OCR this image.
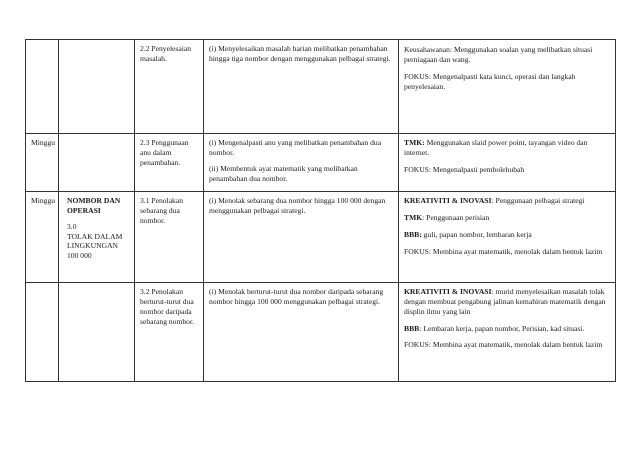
		2.2 Penyelesaian masalah.	(i) Menyelesaikan masalah harian melibatkan penambahan hingga tiga nombor dengan menggunakan pelbagai strategi.	Keusahawanan: Menggunakan soalan yang melibatkan situasi perniagaan dan wang.
FOKUS: Mengenalpasti kata kunci, operasi dan langkah penyelesaian.

Minggu		2.3 Penggunaan anu dalam penambahan.	(i) Mengenalpasti anu yang melibatkan penambahan dua nombor.
(ii) Membentuk ayat matematik yang melibatkan penambahan dua nombor.	TMK: Menggunakan slaid power point, tayangan video dan internet.
FOKUS: Mengenalpasti pembolehubah

Minggu	NOMBOR DAN OPERASI
3.0
TOLAK DALAM LINGKUNGAN 100 000	3.1 Penolakan sebarang dua nombor.	(i) Menolak sebarang dua nombor hingga 100 000 dengan menggunakan pelbagai strategi.	KREATIVITI & INOVASI: Penggunaan pelbagai strategi
TMK: Penggunaan perisian
BBB: guli, papan nombor, lembaran kerja
FOKUS: Membina ayat matematik, menolak dalam bentuk lazim

		3.2 Penolakan berturut-turut dua nombor daripada sebarang nombor.	(i) Menolak berturut-turut dua nombor daripada sebarang nombor hingga 100 000 menggunakan pelbagai strategi.	KREATIVITI & INOVASI: murid menyelesaikan masalah tolak dengan membuat pengabung jalinan kemahiran matematik dengan displin ilmu yang lain
BBB: Lembaran kerja, papan nombor, Perisian, kad situasi.
FOKUS: Membina ayat matematik, menolak dalam bentuk lazim
